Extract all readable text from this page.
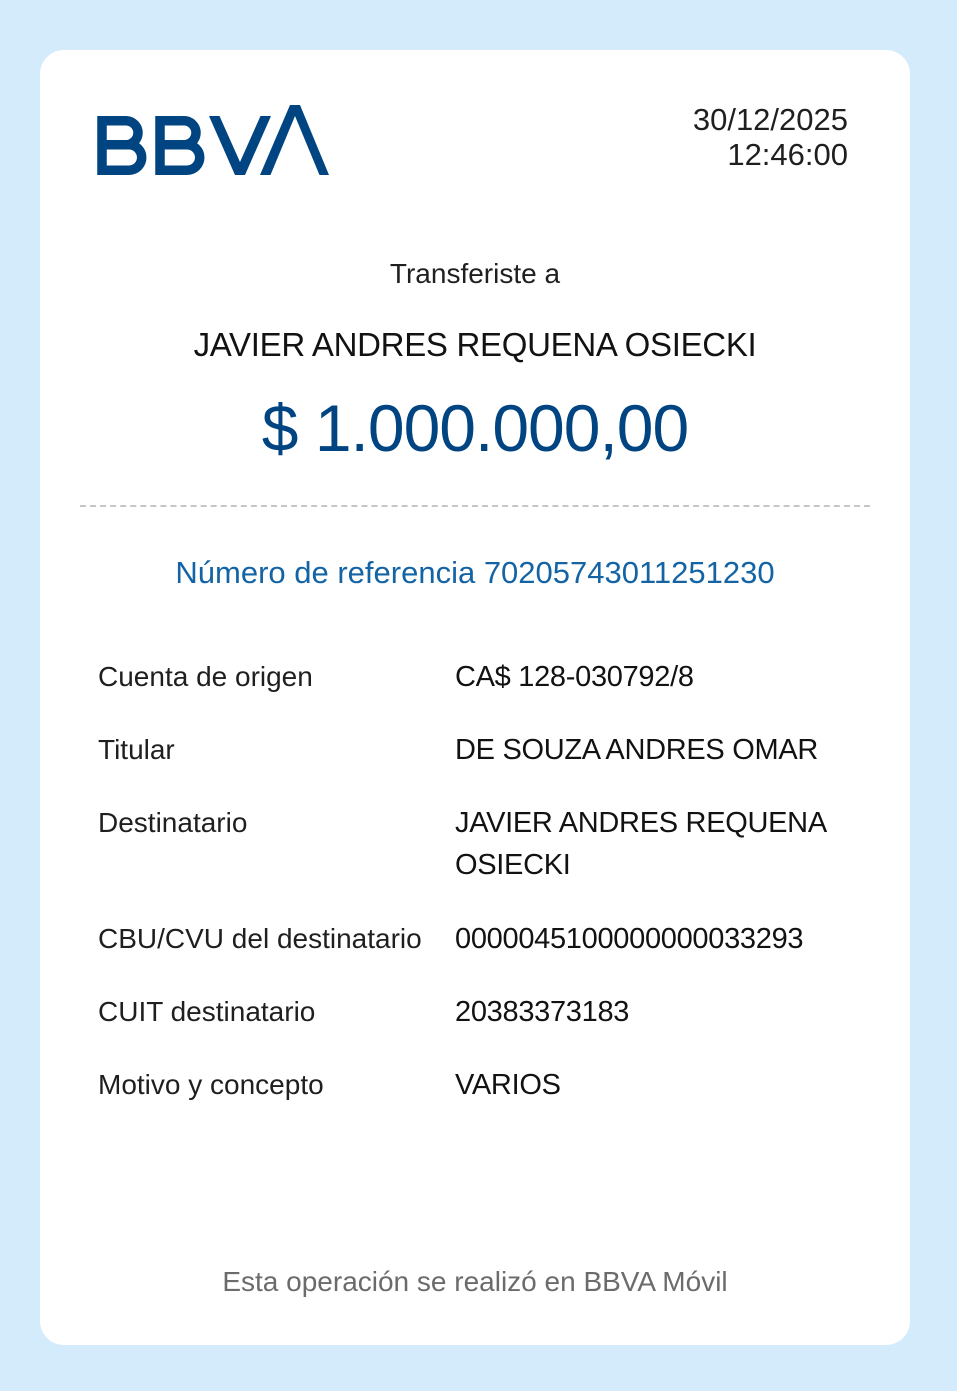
30/12/2025
12:46:00
Transferiste a
JAVIER ANDRES REQUENA OSIECKI
$ 1.000.000,00
Número de referencia 70205743011251230
Cuenta de origen	CA$ 128-030792/8
Titular	DE SOUZA ANDRES OMAR
Destinatario	JAVIER ANDRES REQUENA OSIECKI
CBU/CVU del destinatario	0000045100000000033293
CUIT destinatario	20383373183
Motivo y concepto	VARIOS
Esta operación se realizó en BBVA Móvil
